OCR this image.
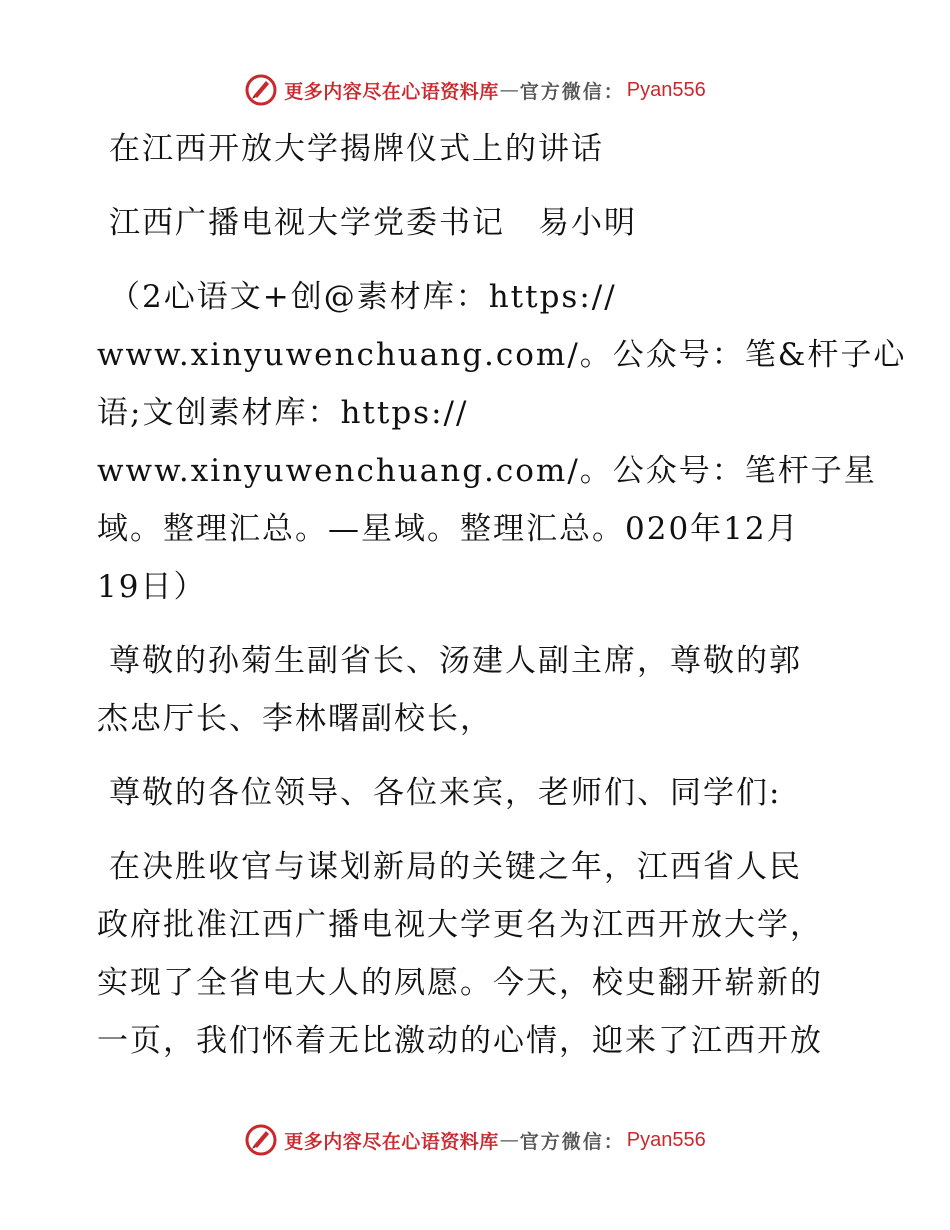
更多内容尽在心语资料库 — 官方微信： Pyan556

在江西开放大学揭牌仪式上的讲话

江西广播电视大学党委书记　易小明

（2心语文+创@素材库：https://
www.xinyuwenchuang.com/。公众号：笔&杆子心
语;文创素材库：https://
www.xinyuwenchuang.com/。公众号：笔杆子星
域。整理汇总。—星域。整理汇总。020年12月
19日）
尊敬的孙菊生副省长、汤建人副主席，尊敬的郭
杰忠厅长、李林曙副校长，

尊敬的各位领导、各位来宾，老师们、同学们:

在决胜收官与谋划新局的关键之年，江西省人民
政府批准江西广播电视大学更名为江西开放大学，
实现了全省电大人的夙愿。今天，校史翻开崭新的
一页，我们怀着无比激动的心情，迎来了江西开放
更多内容尽在心语资料库 — 官方微信： Pyan556
